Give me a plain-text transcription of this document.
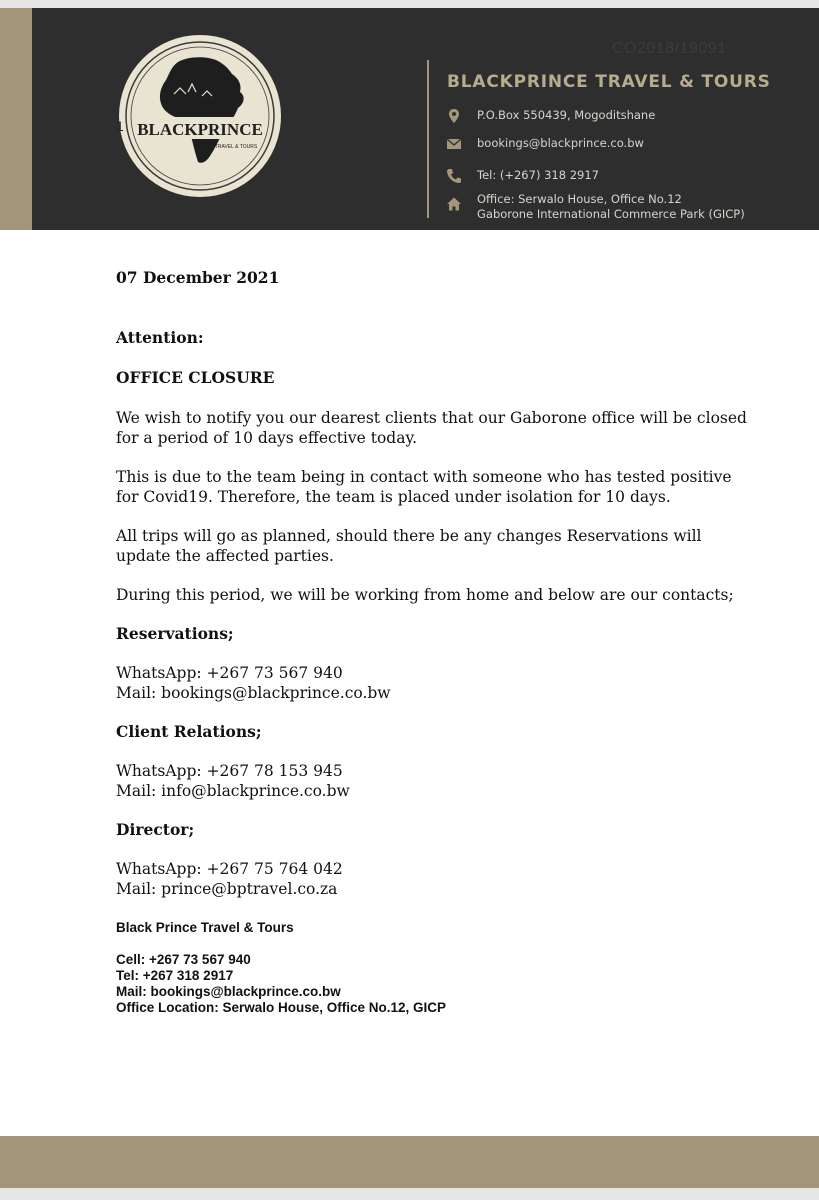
CO2018/19091
BLACKPRINCE
TRAVEL & TOURS
1
BLACKPRINCE TRAVEL & TOURS
P.O.Box 550439, Mogoditshane
bookings@blackprince.co.bw
Tel: (+267) 318 2917
Office: Serwalo House, Office No.12
Gaborone International Commerce Park (GICP)

07 December 2021

Attention:

OFFICE CLOSURE

We wish to notify you our dearest clients that our Gaborone office will be closed

for a period of 10 days effective today.

This is due to the team being in contact with someone who has tested positive

for Covid19. Therefore, the team is placed under isolation for 10 days.

All trips will go as planned, should there be any changes Reservations will

update the affected parties.

During this period, we will be working from home and below are our contacts;

Reservations;

WhatsApp: +267 73 567 940

Mail: bookings@blackprince.co.bw

Client Relations;

WhatsApp: +267 78 153 945

Mail: info@blackprince.co.bw

Director;

WhatsApp: +267 75 764 042

Mail: prince@bptravel.co.za

Black Prince Travel & Tours

Cell: +267 73 567 940

Tel: +267 318 2917

Mail: bookings@blackprince.co.bw

Office Location: Serwalo House, Office No.12, GICP
